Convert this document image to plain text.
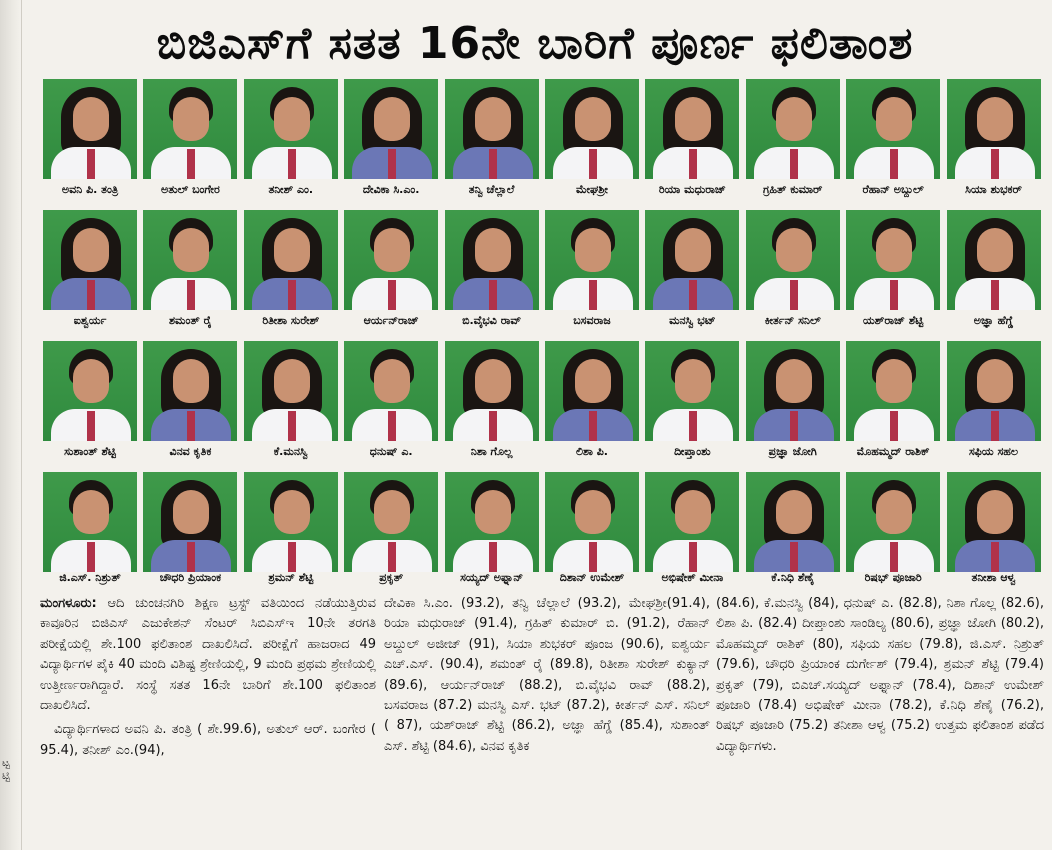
ಟ್ಟ ಟ್ಟಿ
ಬಿಜಿಎಸ್‌ಗೆ ಸತತ 16ನೇ ಬಾರಿಗೆ ಪೂರ್ಣ ಫಲಿತಾಂಶ
ಅವನಿ ಪಿ. ತಂತ್ರಿ	ಅತುಲ್ ಬಂಗೇರ	ತನೀಶ್ ಎಂ.	ದೇವಿಕಾ ಸಿ.ಎಂ.	ತನ್ವಿ ಚೆಲ್ಲಾಲೆ	ಮೇಘಶ್ರೀ	ರಿಯಾ ಮಧುರಾಜ್	ಗ್ರಹಿತ್ ಕುಮಾರ್	ರೆಹಾನ್ ಅಬ್ದುಲ್	ಸಿಯಾ ಶುಭಕರ್
ಐಶ್ವರ್ಯ	ಶಮಂತ್ ರೈ	ರಿತೀಶಾ ಸುರೇಶ್	ಆರ್ಯನ್‌ರಾಜ್	ಬಿ.ವೈಭವಿ ರಾವ್	ಬಸವರಾಜ	ಮನಸ್ವಿ ಭಟ್	ಕೀರ್ತನ್ ಸನಿಲ್	ಯಶ್‌ರಾಜ್ ಶೆಟ್ಟಿ	ಅಜ್ಞಾ ಹೆಗ್ಡೆ
ಸುಶಾಂತ್ ಶೆಟ್ಟಿ	ವಿನವ ಕೃತಿಕ	ಕೆ.ಮನಸ್ವಿ	ಧನುಷ್ ಎ.	ನಿಶಾ ಗೊಲ್ಲ	ಲಿಶಾ ಪಿ.	ದೀಪ್ತಾಂಶು	ಪ್ರಜ್ಞಾ ಜೋಗಿ	ಮೊಹಮ್ಮದ್ ರಾಶಿಕ್	ಸಫಿಯ ಸಹಲ
ಜಿ.ಎಸ್. ನಿಶ್ರುತ್	ಚೌಧರಿ ಪ್ರಿಯಾಂಕ	ಶ್ರಮನ್ ಶೆಟ್ಟಿ	ಪ್ರಕೃತ್	ಸಯ್ಯದ್ ಅಫ್ನಾನ್	ದಿಶಾನ್ ಉಮೇಶ್	ಅಭಿಷೇಕ್ ಮೀನಾ	ಕೆ.ನಿಧಿ ಶೆಣೈ	ರಿಷಭ್ ಪೂಜಾರಿ	ತನೀಶಾ ಆಳ್ವ

ಮಂಗಳೂರು: ಆದಿ ಚುಂಚನಗಿರಿ ಶಿಕ್ಷಣ ಟ್ರಸ್ಟ್ ವತಿಯಿಂದ ನಡೆಯುತ್ತಿರುವ ಕಾವೂರಿನ ಬಿಜಿಎಸ್ ಎಜುಕೇಶನ್ ಸೆಂಟರ್ ಸಿಬಿಎಸ್‌ಇ 10ನೇ ತರಗತಿ ಪರೀಕ್ಷೆಯಲ್ಲಿ ಶೇ.100 ಫಲಿತಾಂಶ ದಾಖಲಿಸಿದೆ. ಪರೀಕ್ಷೆಗೆ ಹಾಜರಾದ 49 ವಿದ್ಯಾರ್ಥಿಗಳ ಪೈಕಿ 40 ಮಂದಿ ವಿಶಿಷ್ಟ ಶ್ರೇಣಿಯಲ್ಲಿ, 9 ಮಂದಿ ಪ್ರಥಮ ಶ್ರೇಣಿಯಲ್ಲಿ ಉತ್ತೀರ್ಣರಾಗಿದ್ದಾರೆ. ಸಂಸ್ಥೆ ಸತತ 16ನೇ ಬಾರಿಗೆ ಶೇ.100 ಫಲಿತಾಂಶ ದಾಖಲಿಸಿದೆ.

ವಿದ್ಯಾರ್ಥಿಗಳಾದ ಅವನಿ ಪಿ. ತಂತ್ರಿ ( ಶೇ.99.6), ಅತುಲ್ ಆರ್. ಬಂಗೇರ ( 95.4), ತನೀಶ್ ಎಂ.(94),

ದೇವಿಕಾ ಸಿ.ಎಂ. (93.2), ತನ್ವಿ ಚೆಲ್ಲಾಲೆ (93.2), ಮೇಘಶ್ರೀ(91.4), ರಿಯಾ ಮಧುರಾಜ್ (91.4), ಗ್ರಹಿತ್ ಕುಮಾರ್ ಬಿ. (91.2), ರೆಹಾನ್ ಅಬ್ದುಲ್ ಅಜೀಜ್ (91), ಸಿಯಾ ಶುಭಕರ್ ಪೂಂಜ (90.6), ಐಶ್ವರ್ಯ ಎಚ್.ಎಸ್. (90.4), ಶಮಂತ್ ರೈ (89.8), ರಿತೀಶಾ ಸುರೇಶ್ ಕುಕ್ಯಾನ್ (89.6), ಆರ್ಯನ್‌ರಾಜ್ (88.2), ಬಿ.ವೈಭವಿ ರಾವ್ (88.2), ಬಸವರಾಜ (87.2) ಮನಸ್ವಿ ಎಸ್. ಭಟ್ (87.2), ಕೀರ್ತನ್ ಎಸ್. ಸನಿಲ್ ( 87), ಯಶ್‌ರಾಜ್ ಶೆಟ್ಟಿ (86.2), ಅಜ್ಞಾ ಹೆಗ್ಡೆ (85.4), ಸುಶಾಂತ್ ಎಸ್. ಶೆಟ್ಟಿ (84.6), ವಿನವ ಕೃತಿಕ

(84.6), ಕೆ.ಮನಸ್ವಿ (84), ಧನುಷ್ ಎ. (82.8), ನಿಶಾ ಗೊಲ್ಲ (82.6), ಲಿಶಾ ಪಿ. (82.4) ದೀಪ್ತಾಂಶು ಸಾಂಡಿಲ್ಯ (80.6), ಪ್ರಜ್ಞಾ ಜೋಗಿ (80.2), ಮೊಹಮ್ಮದ್ ರಾಶಿಕ್ (80), ಸಫಿಯ ಸಹಲ (79.8), ಜಿ.ಎಸ್. ನಿಶ್ರುತ್ (79.6), ಚೌಧರಿ ಪ್ರಿಯಾಂಕ ದುರ್ಗೇಶ್ (79.4), ಶ್ರಮನ್ ಶೆಟ್ಟಿ (79.4) ಪ್ರಕೃತ್ (79), ಬಿಎಚ್.ಸಯ್ಯದ್ ಅಫ್ನಾನ್ (78.4), ದಿಶಾನ್ ಉಮೇಶ್ ಪೂಜಾರಿ (78.4) ಅಭಿಷೇಕ್ ಮೀನಾ (78.2), ಕೆ.ನಿಧಿ ಶೆಣೈ (76.2), ರಿಷಭ್ ಪೂಜಾರಿ (75.2) ತನೀಶಾ ಆಳ್ವ (75.2) ಉತ್ತಮ ಫಲಿತಾಂಶ ಪಡೆದ ವಿದ್ಯಾರ್ಥಿಗಳು.
